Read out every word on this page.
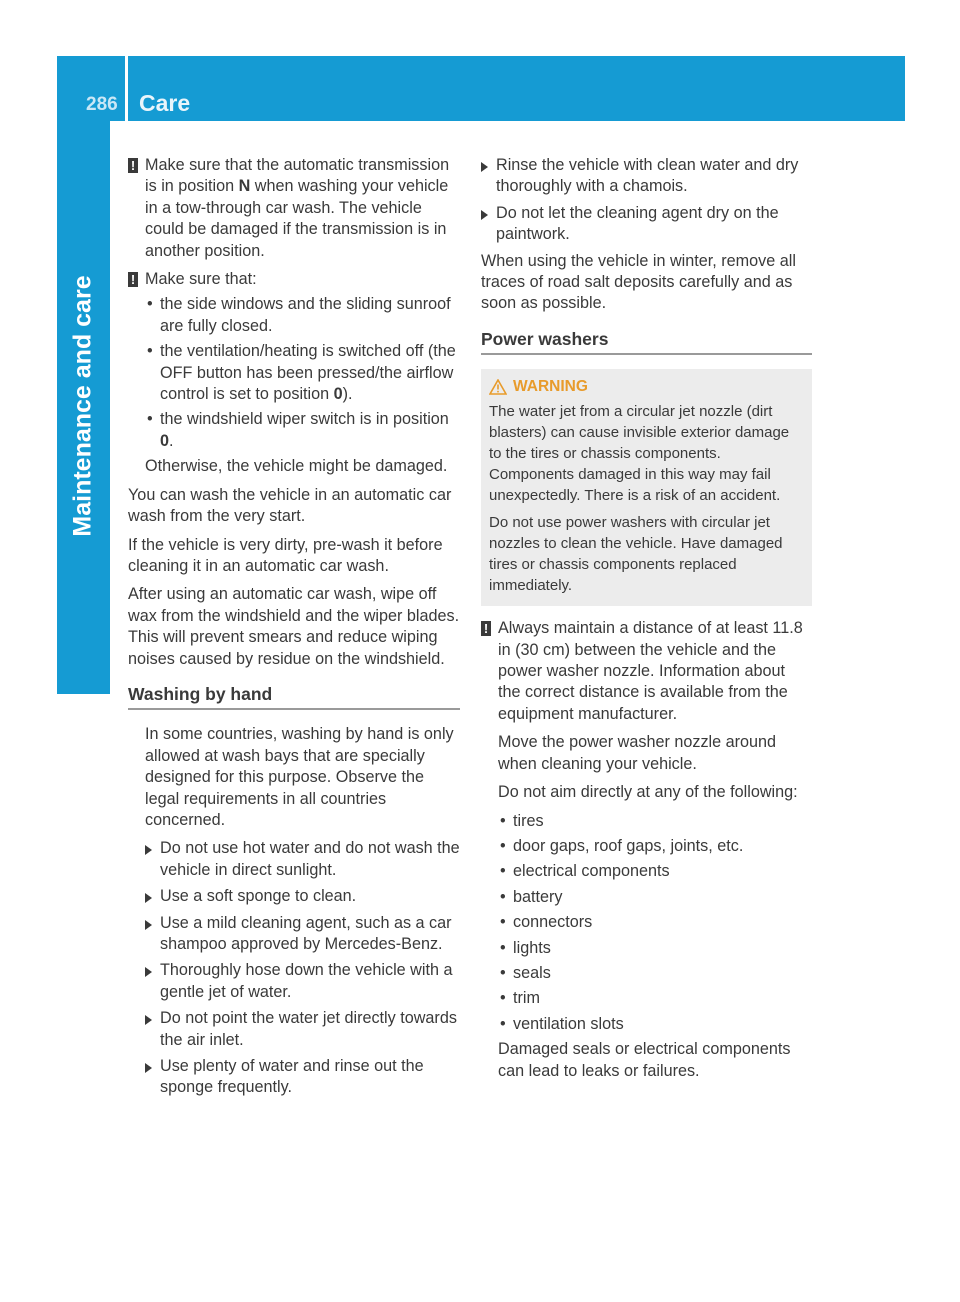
286 Care
Maintenance and care
! Make sure that the automatic transmission is in position N when washing your vehicle in a tow-through car wash. The vehicle could be damaged if the transmission is in another position.
! Make sure that:
• the side windows and the sliding sunroof are fully closed.
• the ventilation/heating is switched off (the OFF button has been pressed/the airflow control is set to position 0).
• the windshield wiper switch is in position 0.
Otherwise, the vehicle might be damaged.
You can wash the vehicle in an automatic car wash from the very start.
If the vehicle is very dirty, pre-wash it before cleaning it in an automatic car wash.
After using an automatic car wash, wipe off wax from the windshield and the wiper blades. This will prevent smears and reduce wiping noises caused by residue on the windshield.
Washing by hand
In some countries, washing by hand is only allowed at wash bays that are specially designed for this purpose. Observe the legal requirements in all countries concerned.
Do not use hot water and do not wash the vehicle in direct sunlight.
Use a soft sponge to clean.
Use a mild cleaning agent, such as a car shampoo approved by Mercedes-Benz.
Thoroughly hose down the vehicle with a gentle jet of water.
Do not point the water jet directly towards the air inlet.
Use plenty of water and rinse out the sponge frequently.
Rinse the vehicle with clean water and dry thoroughly with a chamois.
Do not let the cleaning agent dry on the paintwork.
When using the vehicle in winter, remove all traces of road salt deposits carefully and as soon as possible.
Power washers
WARNING
The water jet from a circular jet nozzle (dirt blasters) can cause invisible exterior damage to the tires or chassis components. Components damaged in this way may fail unexpectedly. There is a risk of an accident.
Do not use power washers with circular jet nozzles to clean the vehicle. Have damaged tires or chassis components replaced immediately.
! Always maintain a distance of at least 11.8 in (30 cm) between the vehicle and the power washer nozzle. Information about the correct distance is available from the equipment manufacturer.
Move the power washer nozzle around when cleaning your vehicle.
Do not aim directly at any of the following:
• tires
• door gaps, roof gaps, joints, etc.
• electrical components
• battery
• connectors
• lights
• seals
• trim
• ventilation slots
Damaged seals or electrical components can lead to leaks or failures.
